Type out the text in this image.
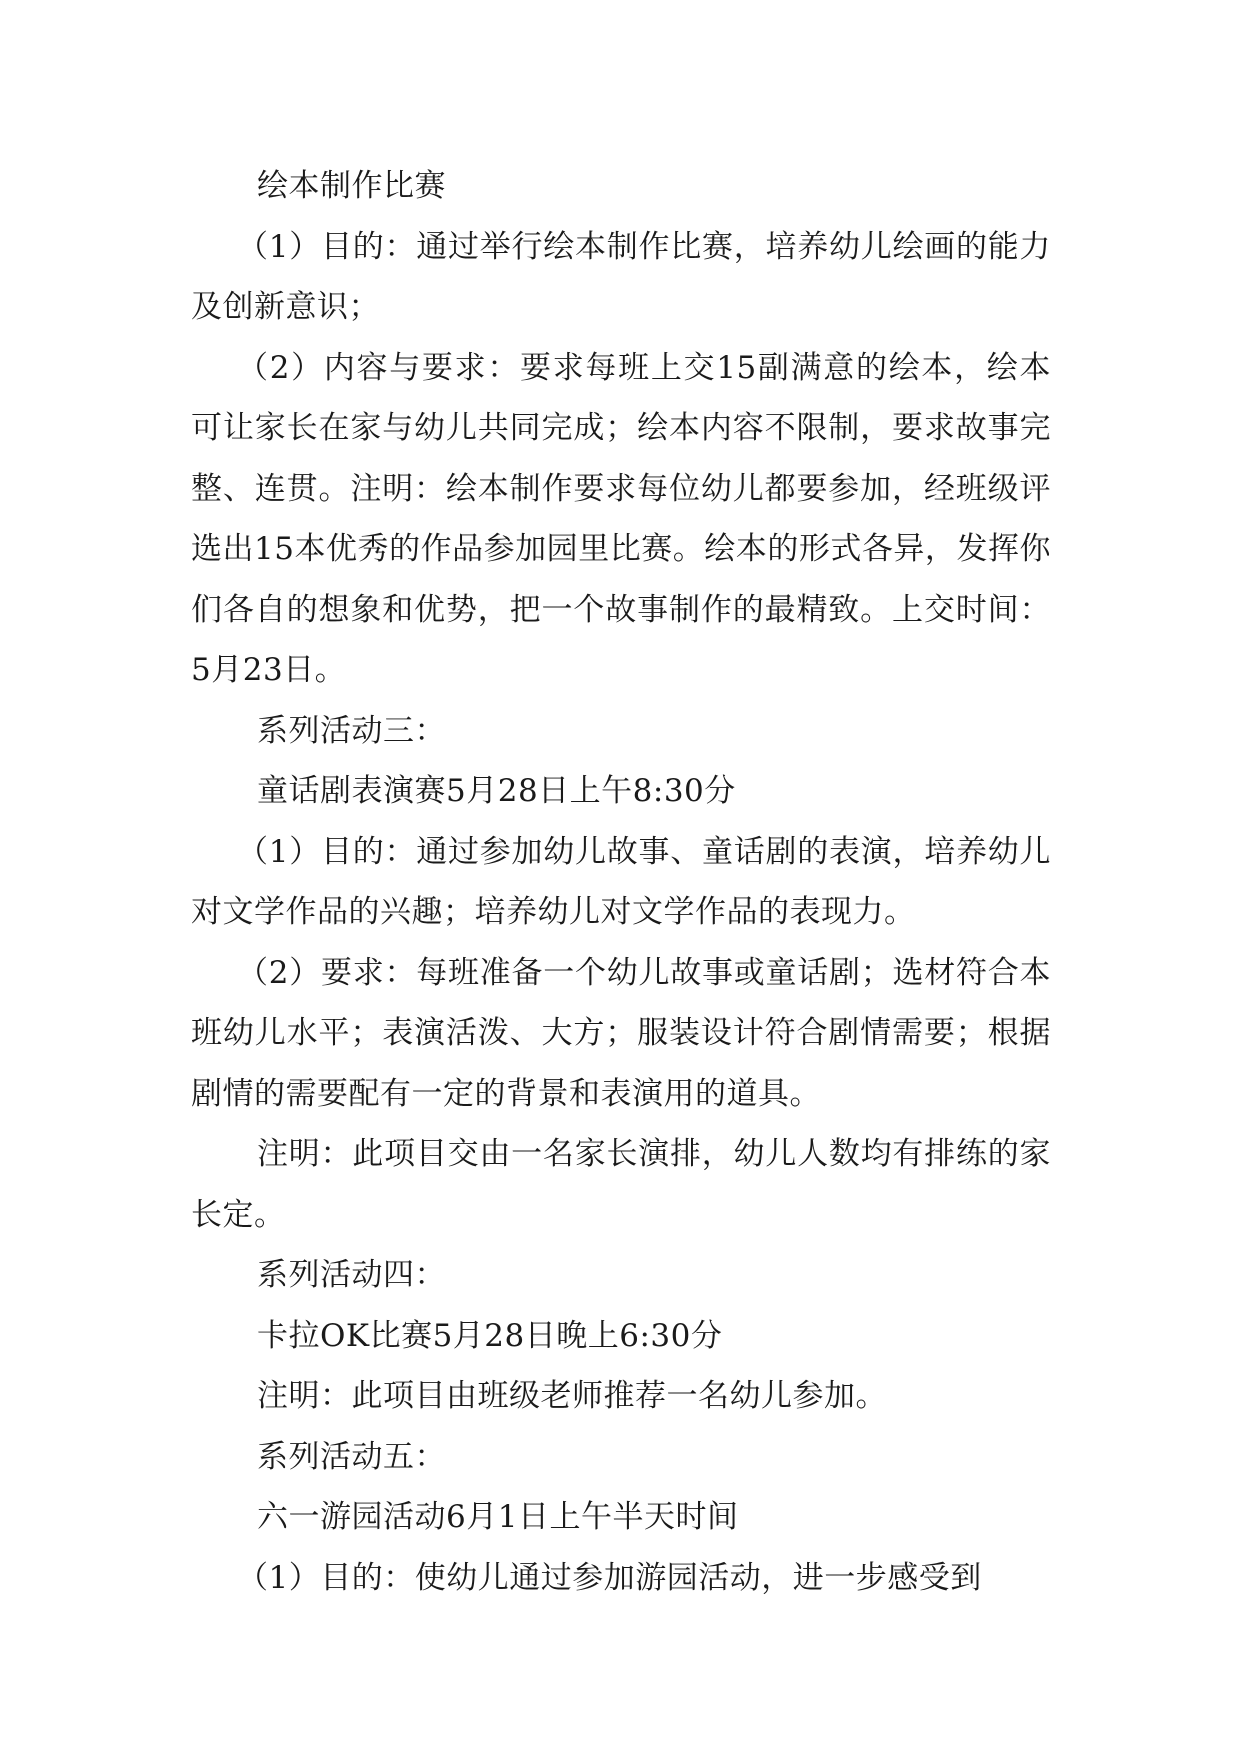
绘本制作比赛

（1）目的：通过举行绘本制作比赛，培养幼儿绘画的能力及创新意识；

（2）内容与要求：要求每班上交15副满意的绘本，绘本可让家长在家与幼儿共同完成；绘本内容不限制，要求故事完整、连贯。注明：绘本制作要求每位幼儿都要参加，经班级评选出15本优秀的作品参加园里比赛。绘本的形式各异，发挥你们各自的想象和优势，把一个故事制作的最精致。上交时间：5月23日。

系列活动三：

童话剧表演赛5月28日上午8:30分

（1）目的：通过参加幼儿故事、童话剧的表演，培养幼儿对文学作品的兴趣；培养幼儿对文学作品的表现力。

（2）要求：每班准备一个幼儿故事或童话剧；选材符合本班幼儿水平；表演活泼、大方；服装设计符合剧情需要；根据剧情的需要配有一定的背景和表演用的道具。

注明：此项目交由一名家长演排，幼儿人数均有排练的家长定。

系列活动四：

卡拉OK比赛5月28日晚上6:30分

注明：此项目由班级老师推荐一名幼儿参加。

系列活动五：

六一游园活动6月1日上午半天时间

（1）目的：使幼儿通过参加游园活动，进一步感受到
